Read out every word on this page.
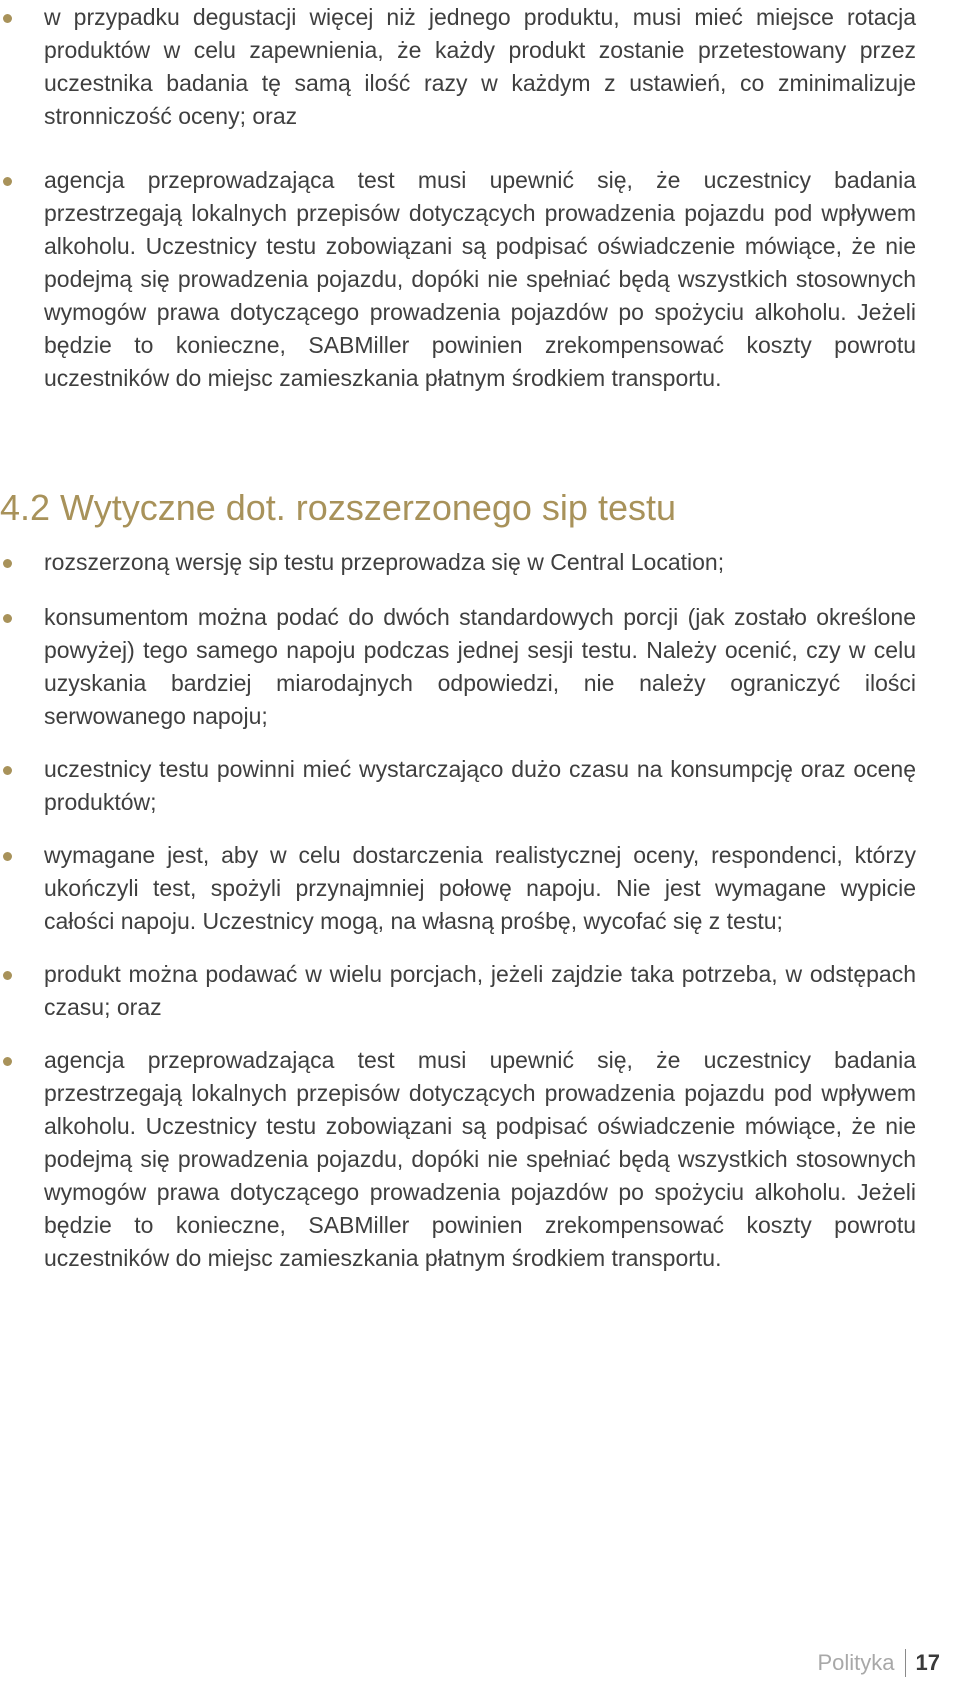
w przypadku degustacji więcej niż jednego produktu, musi mieć miejsce rotacja produktów w celu zapewnienia, że każdy produkt zostanie przetestowany przez uczestnika badania tę samą ilość razy w każdym z ustawień, co zminimalizuje stronniczość oceny; oraz
agencja przeprowadzająca test musi upewnić się, że uczestnicy badania przestrzegają lokalnych przepisów dotyczących prowadzenia pojazdu pod wpływem alkoholu. Uczestnicy testu zobowiązani są podpisać oświadczenie mówiące, że nie podejmą się prowadzenia pojazdu, dopóki nie spełniać będą wszystkich stosownych wymogów prawa dotyczącego prowadzenia pojazdów po spożyciu alkoholu. Jeżeli będzie to konieczne, SABMiller powinien zrekompensować koszty powrotu uczestników do miejsc zamieszkania płatnym środkiem transportu.
4.2 Wytyczne dot. rozszerzonego sip testu
rozszerzoną wersję sip testu przeprowadza się w Central Location;
konsumentom można podać do dwóch standardowych porcji (jak zostało określone powyżej) tego samego napoju podczas jednej sesji testu. Należy ocenić, czy w celu uzyskania bardziej miarodajnych odpowiedzi, nie należy ograniczyć ilości serwowanego napoju;
uczestnicy testu powinni mieć wystarczająco dużo czasu na konsumpcję oraz ocenę produktów;
wymagane jest, aby w celu dostarczenia realistycznej oceny, respondenci, którzy ukończyli test, spożyli przynajmniej połowę napoju. Nie jest wymagane wypicie całości napoju. Uczestnicy mogą, na własną prośbę, wycofać się z testu;
produkt można podawać w wielu porcjach, jeżeli zajdzie taka potrzeba, w odstępach czasu; oraz
agencja przeprowadzająca test musi upewnić się, że uczestnicy badania przestrzegają lokalnych przepisów dotyczących prowadzenia pojazdu pod wpływem alkoholu. Uczestnicy testu zobowiązani są podpisać oświadczenie mówiące, że nie podejmą się prowadzenia pojazdu, dopóki nie spełniać będą wszystkich stosownych wymogów prawa dotyczącego prowadzenia pojazdów po spożyciu alkoholu. Jeżeli będzie to konieczne, SABMiller powinien zrekompensować koszty powrotu uczestników do miejsc zamieszkania płatnym środkiem transportu.
Polityka 17
